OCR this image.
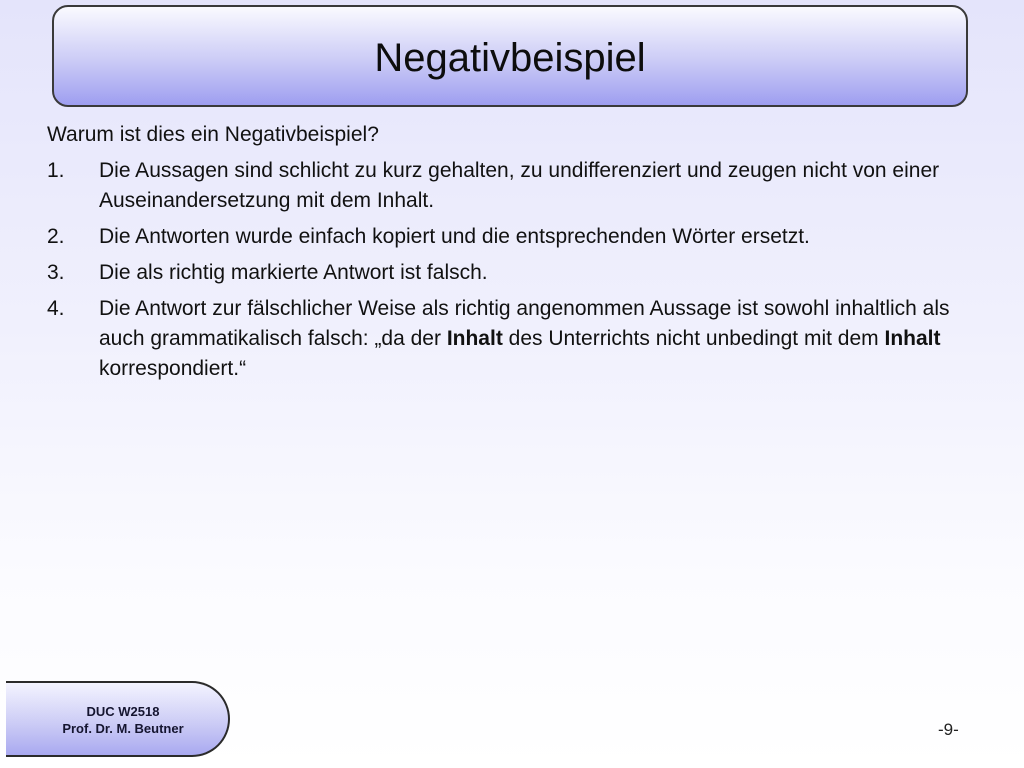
Negativbeispiel

Warum ist dies ein Negativbeispiel?

1.	Die Aussagen sind schlicht zu kurz gehalten, zu undifferenziert und zeugen nicht von einer Auseinandersetzung mit dem Inhalt.
2.	Die Antworten wurde einfach kopiert und die entsprechenden Wörter ersetzt.
3.	Die als richtig markierte Antwort ist falsch.
4.	Die Antwort zur fälschlicher Weise als richtig angenommen Aussage ist sowohl inhaltlich als auch grammatikalisch falsch: „da der Inhalt des Unterrichts nicht unbedingt mit dem Inhalt korrespondiert.“
DUC W2518
Prof. Dr. M. Beutner	-9-
